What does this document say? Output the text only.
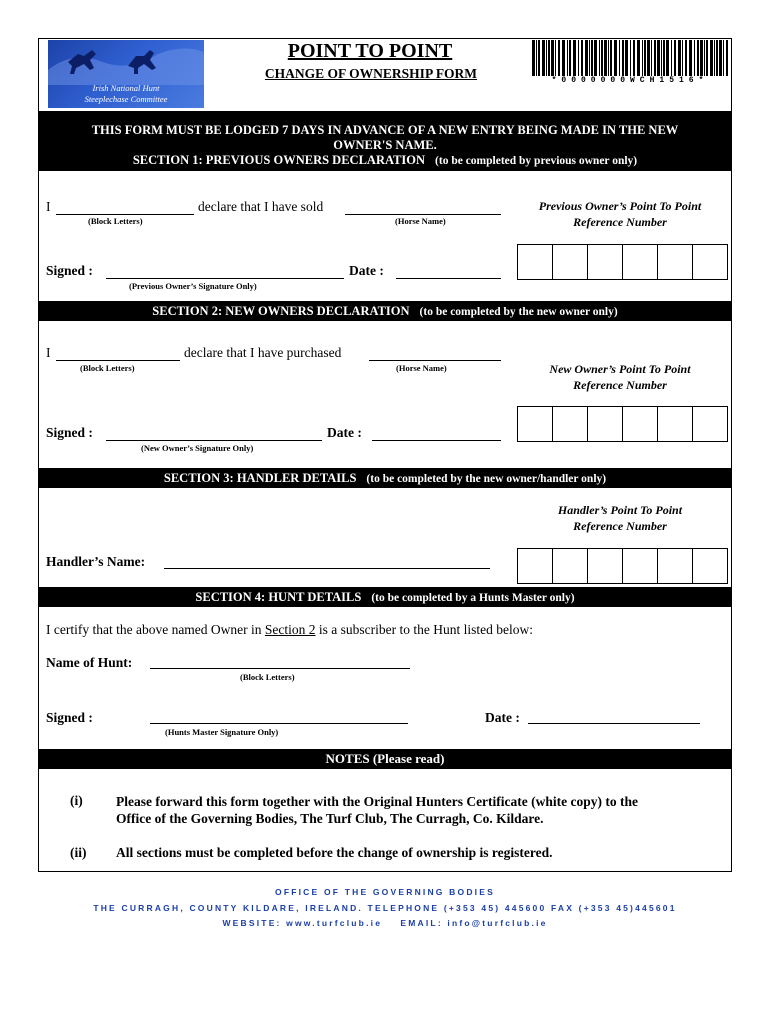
Irish National Hunt
Steeplechase Committee
POINT TO POINT
CHANGE OF OWNERSHIP FORM	*0000000WCH1516*
THIS FORM MUST BE LODGED 7 DAYS IN ADVANCE OF A NEW ENTRY BEING MADE IN THE NEW
OWNER'S NAME.
SECTION 1: PREVIOUS OWNERS DECLARATION (to be completed by previous owner only)
I	declare that I have sold
(Block Letters)	(Horse Name)
Previous Owner’s Point To Point
Reference Number
Signed :	Date :
(Previous Owner’s Signature Only)
SECTION 2: NEW OWNERS DECLARATION (to be completed by the new owner only)
I	declare that I have purchased
(Block Letters)	(Horse Name)	New Owner’s Point To Point
Reference Number
Signed :	Date :
(New Owner’s Signature Only)
SECTION 3: HANDLER DETAILS (to be completed by the new owner/handler only)
Handler’s Point To Point
Reference Number
Handler’s Name:
SECTION 4: HUNT DETAILS (to be completed by a Hunts Master only)
I certify that the above named Owner in Section 2 is a subscriber to the Hunt listed below:
Name of Hunt:
(Block Letters)
Signed :	Date :
(Hunts Master Signature Only)
NOTES (Please read)
(i) Please forward this form together with the Original Hunters Certificate (white copy) to the
Office of the Governing Bodies, The Turf Club, The Curragh, Co. Kildare.
(ii) All sections must be completed before the change of ownership is registered.
OFFICE OF THE GOVERNING BODIES
THE CURRAGH, COUNTY KILDARE, IRELAND. TELEPHONE (+353 45) 445600 FAX (+353 45)445601
WEBSITE: www.turfclub.ie EMAIL: info@turfclub.ie
